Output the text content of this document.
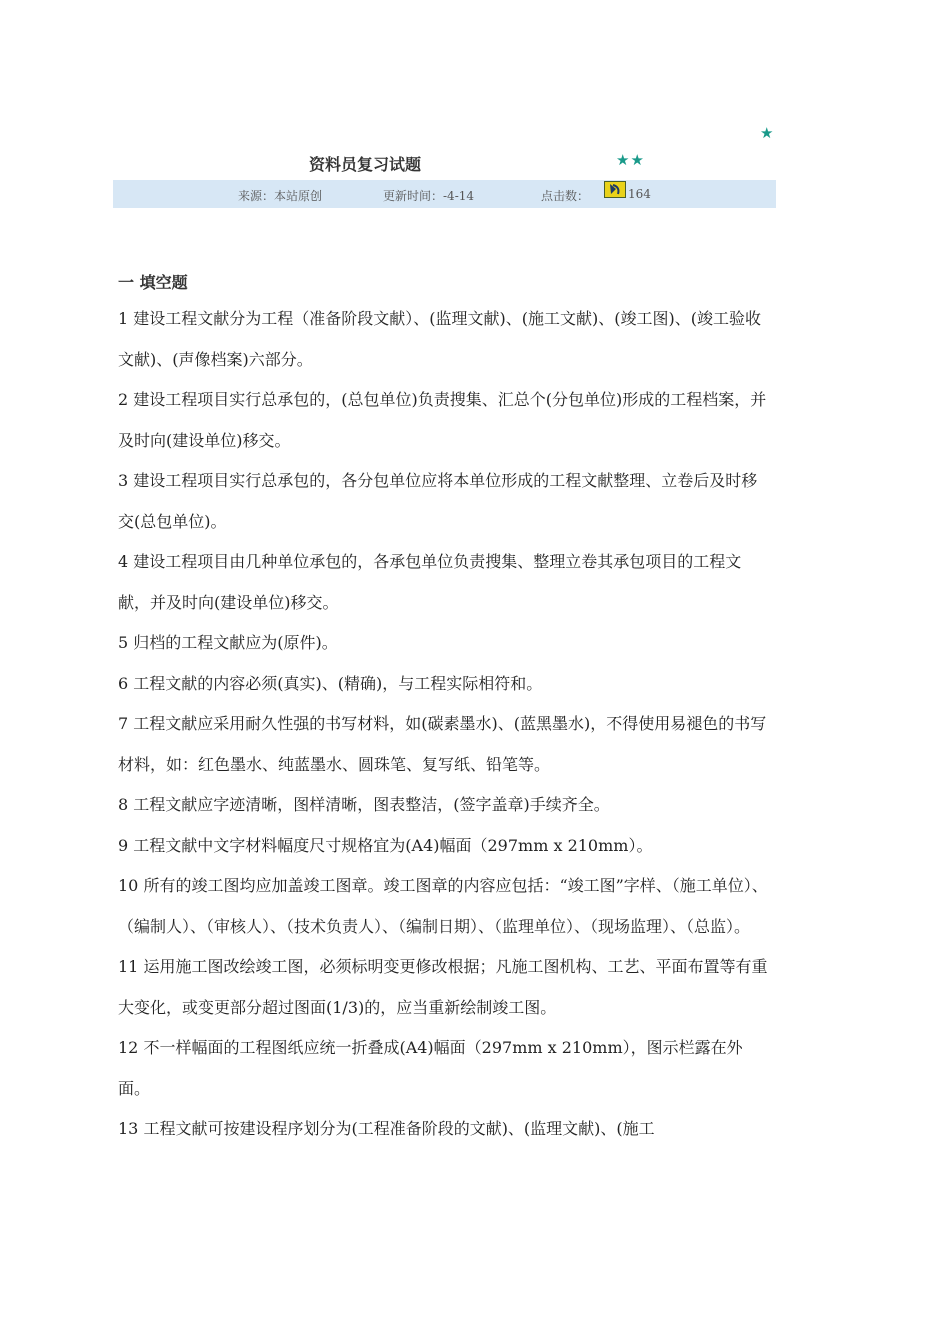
★
资料员复习试题	★★
来源：本站原创	更新时间：-4-14	点击数：	164
一 填空题

1 建设工程文献分为工程（准备阶段文献）、(监理文献)、(施工文献)、(竣工图)、(竣工验收文献)、(声像档案)六部分。

2 建设工程项目实行总承包的，(总包单位)负责搜集、汇总个(分包单位)形成的工程档案，并及时向(建设单位)移交。

3 建设工程项目实行总承包的，各分包单位应将本单位形成的工程文献整理、立卷后及时移交(总包单位)。

4 建设工程项目由几种单位承包的，各承包单位负责搜集、整理立卷其承包项目的工程文献，并及时向(建设单位)移交。

5 归档的工程文献应为(原件)。

6 工程文献的内容必须(真实)、(精确)，与工程实际相符和。

7 工程文献应采用耐久性强的书写材料，如(碳素墨水)、(蓝黑墨水)，不得使用易褪色的书写材料，如：红色墨水、纯蓝墨水、圆珠笔、复写纸、铅笔等。

8 工程文献应字迹清晰，图样清晰，图表整洁，(签字盖章)手续齐全。

9 工程文献中文字材料幅度尺寸规格宜为(A4)幅面（297mm x 210mm）。

10 所有的竣工图均应加盖竣工图章。竣工图章的内容应包括：“竣工图”字样、（施工单位）、（编制人）、（审核人）、（技术负责人）、（编制日期）、（监理单位）、（现场监理）、（总监）。

11 运用施工图改绘竣工图，必须标明变更修改根据；凡施工图机构、工艺、平面布置等有重大变化，或变更部分超过图面(1/3)的，应当重新绘制竣工图。

12 不一样幅面的工程图纸应统一折叠成(A4)幅面（297mm x 210mm），图示栏露在外面。

13 工程文献可按建设程序划分为(工程准备阶段的文献)、(监理文献)、(施工
